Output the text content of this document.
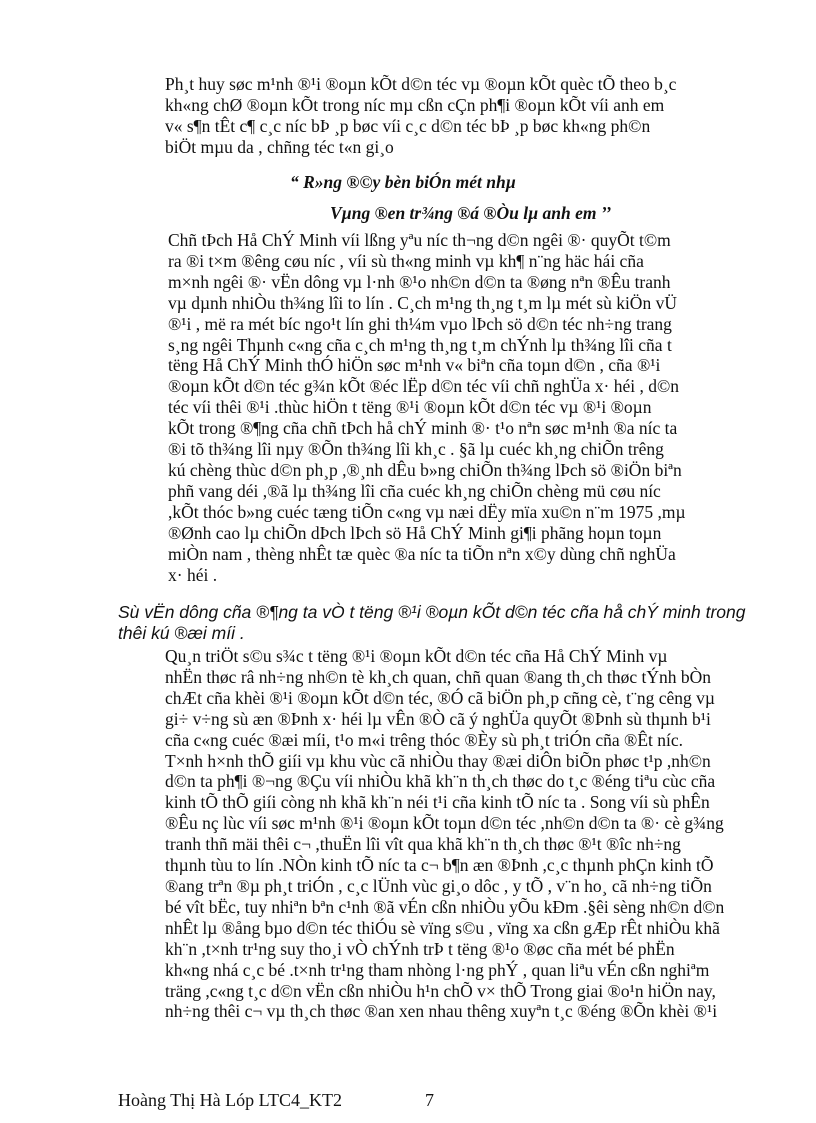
Ph¸t huy søc m¹nh ®¹i ®oµn kÕt d©n téc vµ ®oµn kÕt quèc tÕ theo b¸c
kh«ng chØ ®oµn kÕt trong níc mµ cßn cÇn ph¶i ®oµn kÕt víi anh em
v« s¶n tÊt c¶ c¸c níc bÞ ¸p bøc víi c¸c d©n téc bÞ ¸p bøc kh«ng ph©n
biÖt mµu da , chñng téc t«n gi¸o
“ R»ng ®©y bèn biÓn mét nhµ
Vµng ®en tr¾ng ®á ®Òu lµ anh em ’’
Chñ tÞch Hå ChÝ Minh víi lßng yªu níc th¬ng d©n ngêi ®· quyÕt t©m
ra ®i t×m ®êng cøu níc , víi sù th«ng minh vµ kh¶ n¨ng häc hái cña
m×nh ngêi ®· vËn dông vµ l·nh ®¹o nh©n d©n ta ®øng nªn ®Êu tranh
vµ dµnh nhiÒu th¾ng lîi to lín . C¸ch m¹ng th¸ng t¸m lµ mét sù kiÖn vÜ
®¹i , më ra mét bíc ngo¹t lín ghi th¼m vµo lÞch sö d©n téc nh÷ng trang
s¸ng ngêi Thµnh c«ng cña c¸ch m¹ng th¸ng t¸m chÝnh lµ th¾ng lîi cña t
tëng Hå ChÝ Minh thÓ hiÖn søc m¹nh v« biªn cña toµn d©n , cña ®¹i
®oµn kÕt d©n téc g¾n kÕt ®éc lËp d©n téc víi chñ nghÜa x· héi , d©n
téc víi thêi ®¹i .thùc hiÖn t tëng ®¹i ®oµn kÕt d©n téc vµ ®¹i ®oµn
kÕt trong ®¶ng cña chñ tÞch hå chÝ minh ®· t¹o nªn søc m¹nh ®a níc ta
®i tõ th¾ng lîi nµy ®Õn th¾ng lîi kh¸c . §ã lµ cuéc kh¸ng chiÕn trêng
kú chèng thùc d©n ph¸p ,®¸nh dÊu b»ng chiÕn th¾ng lÞch sö ®iÖn biªn
phñ vang déi ,®ã lµ th¾ng lîi cña cuéc kh¸ng chiÕn chèng mü cøu níc
,kÕt thóc b»ng cuéc tæng tiÕn c«ng vµ næi dËy mïa xu©n n¨m 1975 ,mµ
®Ønh cao lµ chiÕn dÞch lÞch sö Hå ChÝ Minh gi¶i phãng hoµn toµn
miÒn nam , thèng nhÊt tæ quèc ®a níc ta tiÕn nªn x©y dùng chñ nghÜa
x· héi .
Sù vËn dông cña ®¶ng ta vÒ t tëng ®¹i ®oµn kÕt d©n téc cña hå chÝ minh trong thêi kú ®æi míi .
Qu¸n triÖt s©u s¾c t tëng ®¹i ®oµn kÕt d©n téc cña Hå ChÝ Minh vµ
nhËn thøc râ nh÷ng nh©n tè kh¸ch quan, chñ quan ®ang th¸ch thøc tÝnh bÒn
chÆt cña khèi ®¹i ®oµn kÕt d©n téc, ®Ó cã biÖn ph¸p cñng cè, t¨ng cêng vµ
gi÷ v÷ng sù æn ®Þnh x· héi lµ vÊn ®Ò cã ý nghÜa quyÕt ®Þnh sù thµnh b¹i
cña c«ng cuéc ®æi míi, t¹o m«i trêng thóc ®Èy sù ph¸t triÓn cña ®Êt níc.
T×nh h×nh thÕ giíi vµ khu vùc cã nhiÒu thay ®æi diÔn biÕn phøc t¹p ,nh©n
d©n ta ph¶i ®¬ng ®Çu víi nhiÒu khã kh¨n th¸ch thøc do t¸c ®éng tiªu cùc cña
kinh tÕ thÕ giíi còng nh khã kh¨n néi t¹i cña kinh tÕ níc ta . Song víi sù phÊn
®Êu nç lùc víi søc m¹nh ®¹i ®oµn kÕt toµn d©n téc ,nh©n d©n ta ®· cè g¾ng
tranh thñ mäi thêi c¬ ,thuËn lîi vît qua khã kh¨n th¸ch thøc ®¹t ®îc nh÷ng
thµnh tùu to lín .NÒn kinh tÕ níc ta c¬ b¶n æn ®Þnh ,c¸c thµnh phÇn kinh tÕ
®ang trªn ®µ ph¸t triÓn , c¸c lÜnh vùc gi¸o dôc , y tÕ , v¨n ho¸ cã nh÷ng tiÕn
bé vît bËc, tuy nhiªn bªn c¹nh ®ã vÉn cßn nhiÒu yÕu kÐm .§êi sèng nh©n d©n
nhÊt lµ ®ång bµo d©n téc thiÓu sè vïng s©u , vïng xa cßn gÆp rÊt nhiÒu khã
kh¨n ,t×nh tr¹ng suy tho¸i vÒ chÝnh trÞ t tëng ®¹o ®øc cña mét bé phËn
kh«ng nhá c¸c bé .t×nh tr¹ng tham nhòng l·ng phÝ , quan liªu vÉn cßn nghiªm
träng ,c«ng t¸c d©n vËn cßn nhiÒu h¹n chÕ v× thÕ Trong giai ®o¹n hiÖn nay,
nh÷ng thêi c¬ vµ th¸ch thøc ®an xen nhau thêng xuyªn t¸c ®éng ®Õn khèi ®¹i
Hoàng Thị Hà Lóp LTC4_KT2	7
